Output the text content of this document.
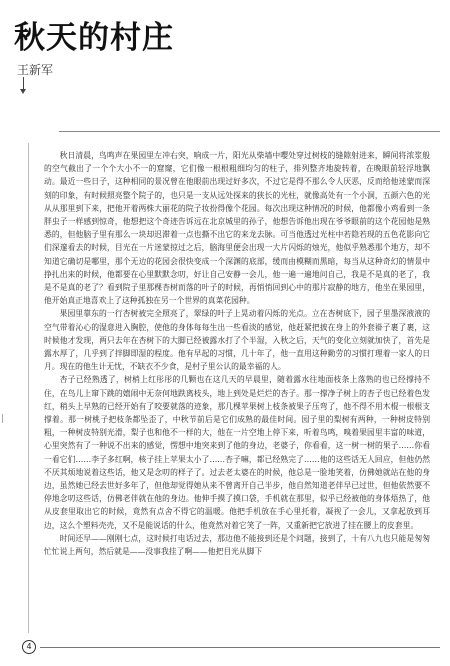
秋天的村庄
王新军

秋日清晨，鸟鸣声在果园里左冲右突，响成一片，阳光从柴墙中嘤处穿过树枝的缝隙射进来，瞬间将浓浆般的空气截出了一个个大小不一的窟窿，它们像一根根粗细均匀的柱子，排列整齐地旋转着，在晚眼前轻浮地飘动。最近一些日子，这种相同的景况曾在他眼前出现过好多次，不过它是得不那么令人厌恶，反而给他迷蒙而深刻的印象，有时候照亮整个院子的，也只是一支从远处探来的狭长的光柱，就像高处有一个小洞，五颜六色的光从从那里到下来，把他开着两株大丽花的院子妆扮得像个花园。每次出现这种情况的时候，他都像小鸡看到一条胖虫子一样感到惊奇，他想把这个奇迹告诉远在北京城里的孙子，他想告诉他出现在爷爷眼前的这个花园他是熟悉的，但他脑子里有那么一块却迟滞着一点也撕不出它的来龙去脉。可当他透过光柱中若隐若现的五色花影向它们深邃看去的时候，目光在一片迷蒙掠过之后，脑海里便会出现一大片闪烁的烛光，他似乎熟悉那个地方，却不知道它确切是哪里，那个无边的花园会很快变成一个深渊的底部，缓而由模糊而黑暗，每当从这种奇幻的情景中挣扎出来的时候，他都要在心里默默念叨，好让自己安静一会儿，他一遍一遍地问自己，我是不是真的老了，我是不是真的老了？看到院子里那棵杏树而落的叶子的时候，再悄悄回到心中的那片寂静的地方，他坐在果园里，他开始真正地喜欢上了这种孤独在另一个世界的真菜花园种。

果园里靠东的一行杏树被完全照亮了，翠绿的叶子上晃动着闪烁的光点。立在杏树底下，园子里墨深液液的空气带着沁心的湿意进入胸腔，使他的身体每每生出一些看淡的感觉，他赶紧把披在身上的外套褂子裹了裹，这时候他才发现，两只去年在杏树下的大脚已经被露水打了个半湿，入秋之后，天气的变化立刻就加快了，首先是露水厚了，几乎到了拌脚即湿的程度。他有早起的习惯，几十年了，他一直用这种勤劳的习惯打理着一家人的日月。现在的他生计无忧，不缺衣不少食，是村子里公认的最幸福的人。

杏子已经熟透了，树梢上红彤彤的几颗也在这几天的早晨里，随着露水往地面枝条上落熟的也已经撑持不住，在鸟儿上窜下跳的嬉闹中无奈何地跌离枝头，地上到处是烂烂的杏子。那一撑净子树上的杏子也已经着色发红，稍头上早熟的已经开始有了咬要就落的迹象，那几棵苹果树上枝条被果子压弯了，他不得不用木棍一根根支撑着。那一树桃子把枝条都坠歪了，中秋节前后是它们成熟的最佳时间。园子里的梨树有两种，一种树皮特别粗，一种树皮特别光滑，梨子也和他不一样的大，他在一片空地上停下来，听着鸟鸣，嗅着果园里丰富的味道，心里突然有了一种说不出来的感觉，愣想中地突来到了他的身边，老婆子，你看看，这一树一树的果子……你看一看它们……李子多红啊，核子挂上苹果太小了……杏子嘛，都已经熟完了……他的这些话无人回应，但他仍然不厌其烦地说着这些话，他又是念叨的样子了。过去老太婆在的时候，他总是一脸地笑着，仿佛她就站在他的身边，虽然她已经去世好多年了，但他却觉得她从来不曾离开自己半步，他自然知道老伴早已过世，但他依然要不停地念叨这些话，仿佛老伴就在他的身边。他伸手摸了摸口袋，手机就在那里，似乎已经被他的身体焐热了，他从皮套里取出它的时候，竟然有点舍不得它的温暖。他把手机放在手心里托着，凝视了一会儿，又拿起放到耳边，这么个塑料壳壳，又不是能说话的什么，他竟然对着它笑了一阵，又重新把它放进了挂在腰上的皮套里。

时间还早——刚刚七点，这时候打电话过去，那边他不能接到还是个问题，接到了，十有八九也只能是匆匆忙忙说上两句，然后就是——没事我挂了啊——他把目光从脚下

4
